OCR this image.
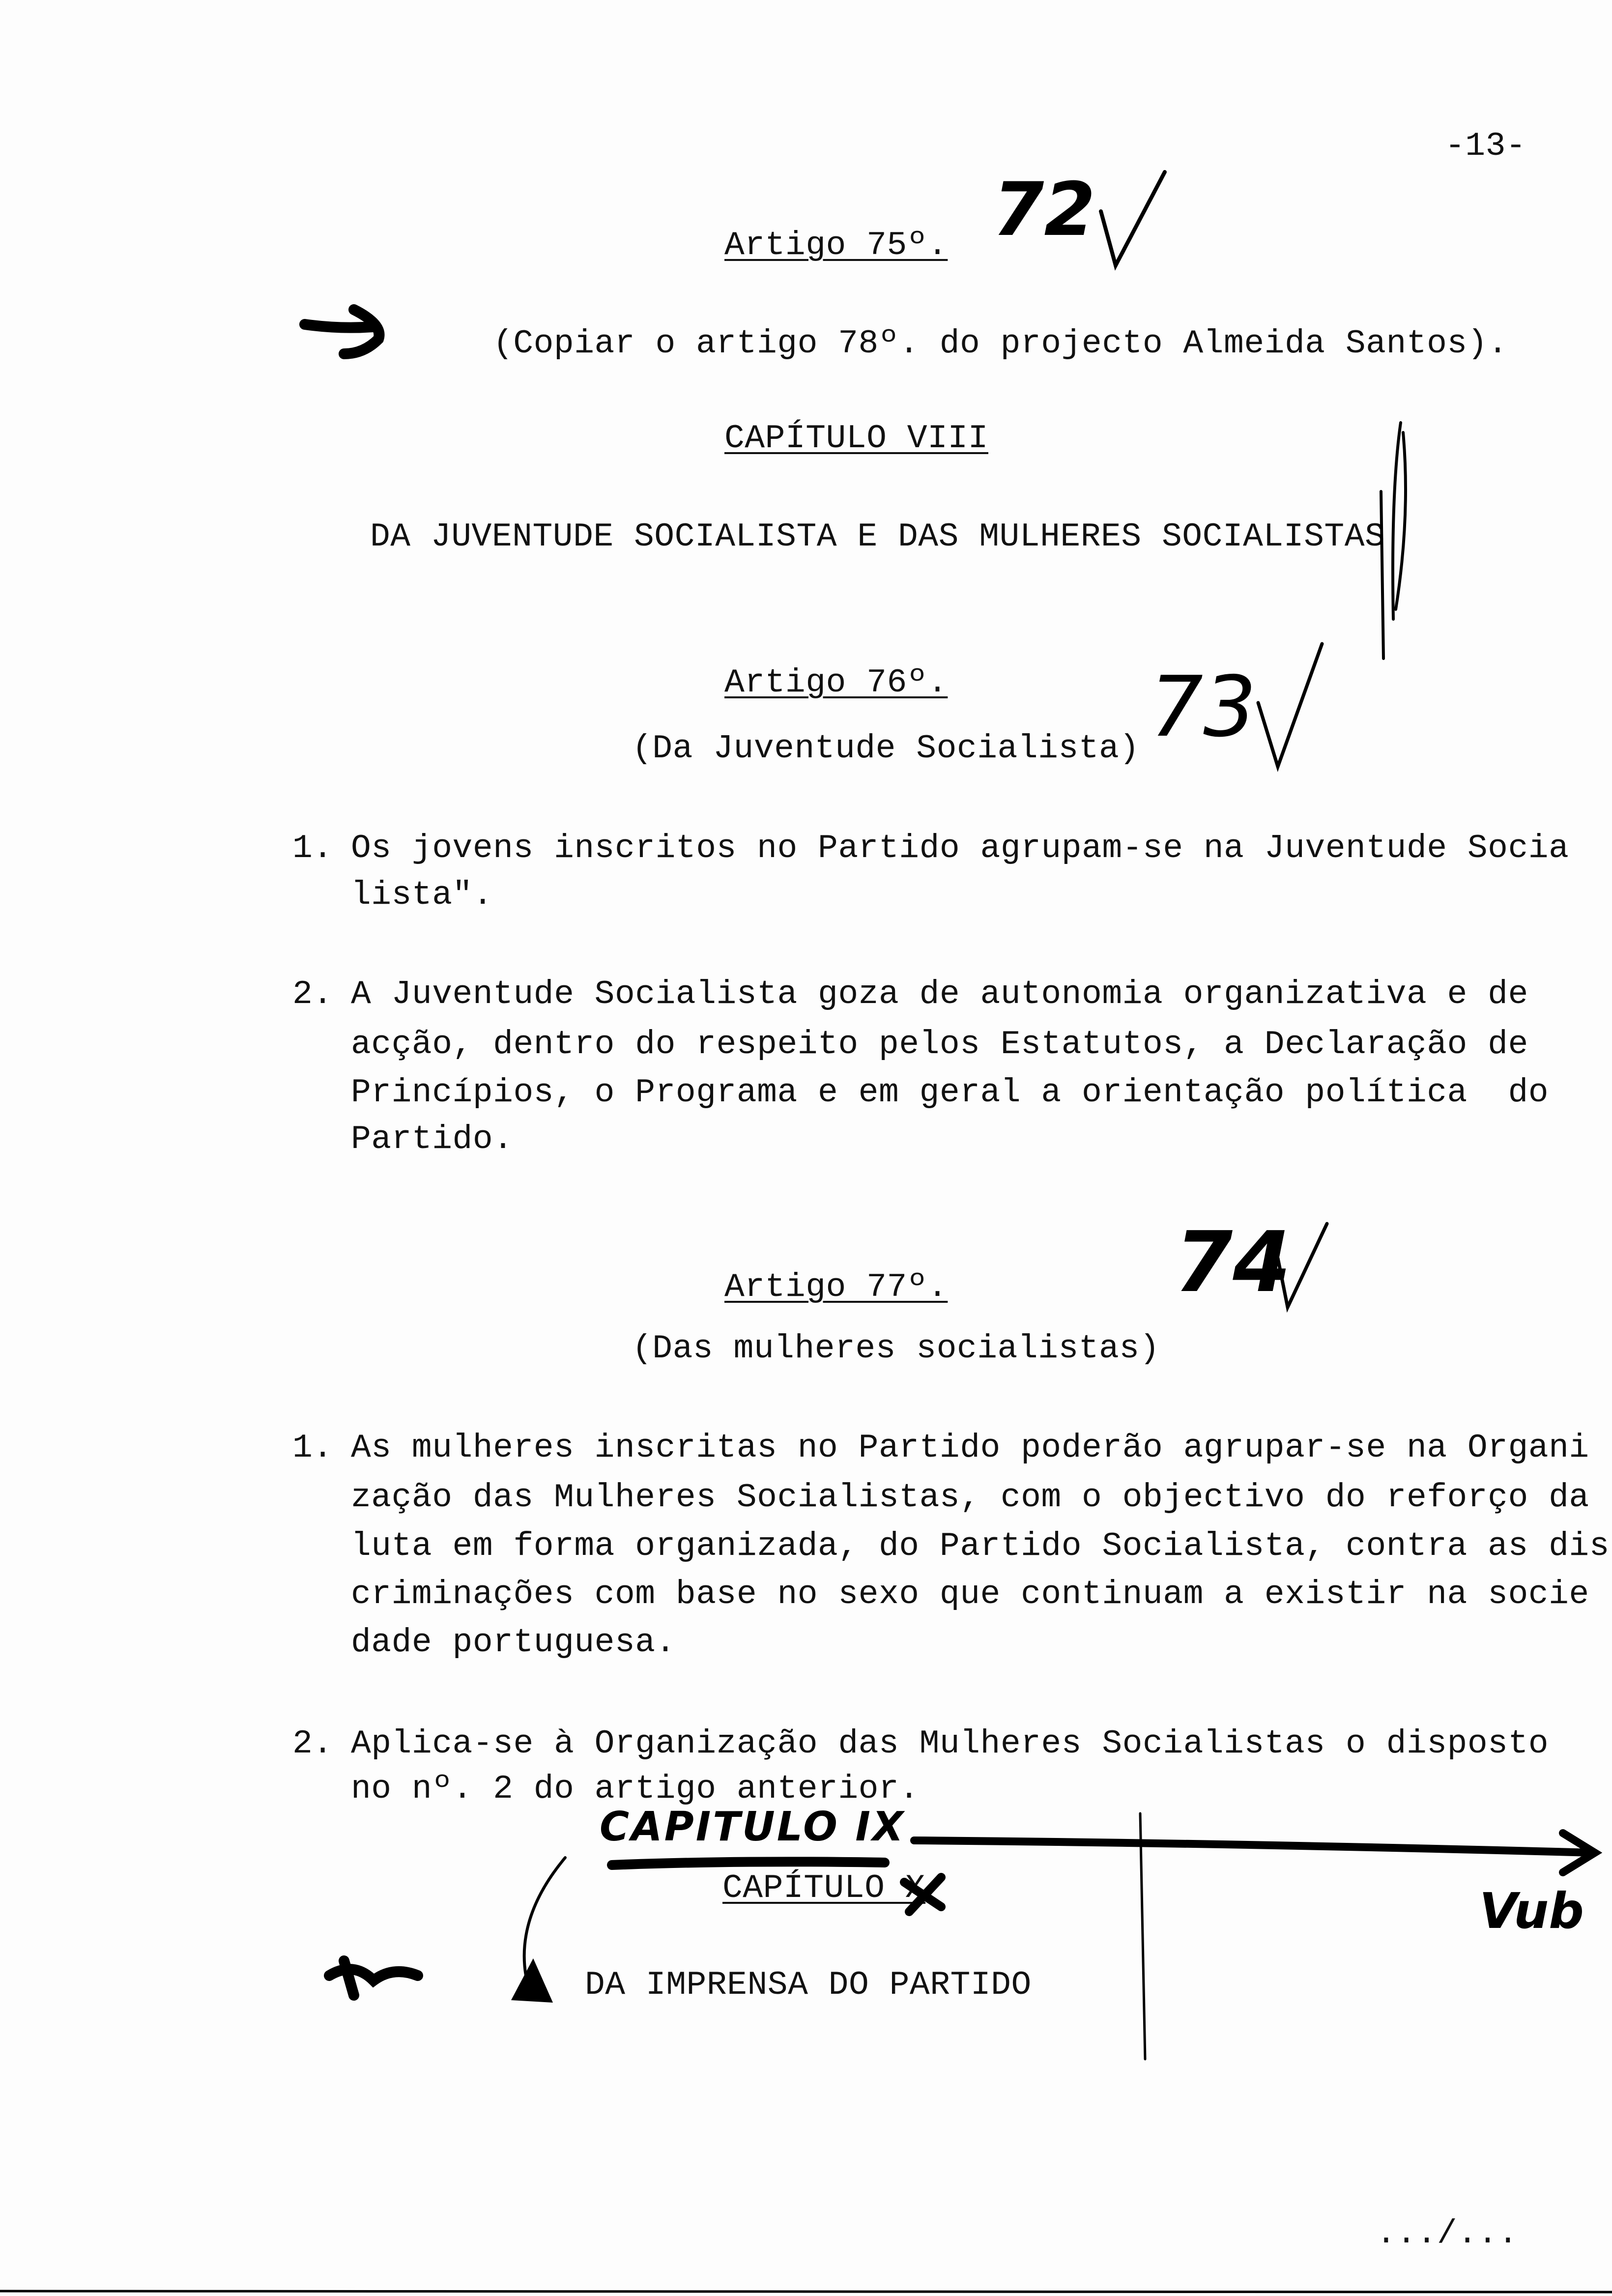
-13-
Artigo 75º. 72
(Copiar o artigo 78º. do projecto Almeida Santos).
CAPÍTULO VIII
DA JUVENTUDE SOCIALISTA E DAS MULHERES SOCIALISTAS
Artigo 76º.
(Da Juventude Socialista) 73
1. Os jovens inscritos no Partido agrupam-se na Juventude Socia
lista".
2. A Juventude Socialista goza de autonomia organizativa e de
acção, dentro do respeito pelos Estatutos, a Declaração de
Princípios, o Programa e em geral a orientação política  do
Partido.
Artigo 77º.	74
(Das mulheres socialistas)
1. As mulheres inscritas no Partido poderão agrupar-se na Organi
zação das Mulheres Socialistas, com o objectivo do reforço da
luta em forma organizada, do Partido Socialista, contra as dis
criminações com base no sexo que continuam a existir na socie
dade portuguesa.
2. Aplica-se à Organização das Mulheres Socialistas o disposto
no nº. 2 do artigo anterior.
CAPITULO IX
CAPÍTULO X	Vub
DA IMPRENSA DO PARTIDO
.../...
